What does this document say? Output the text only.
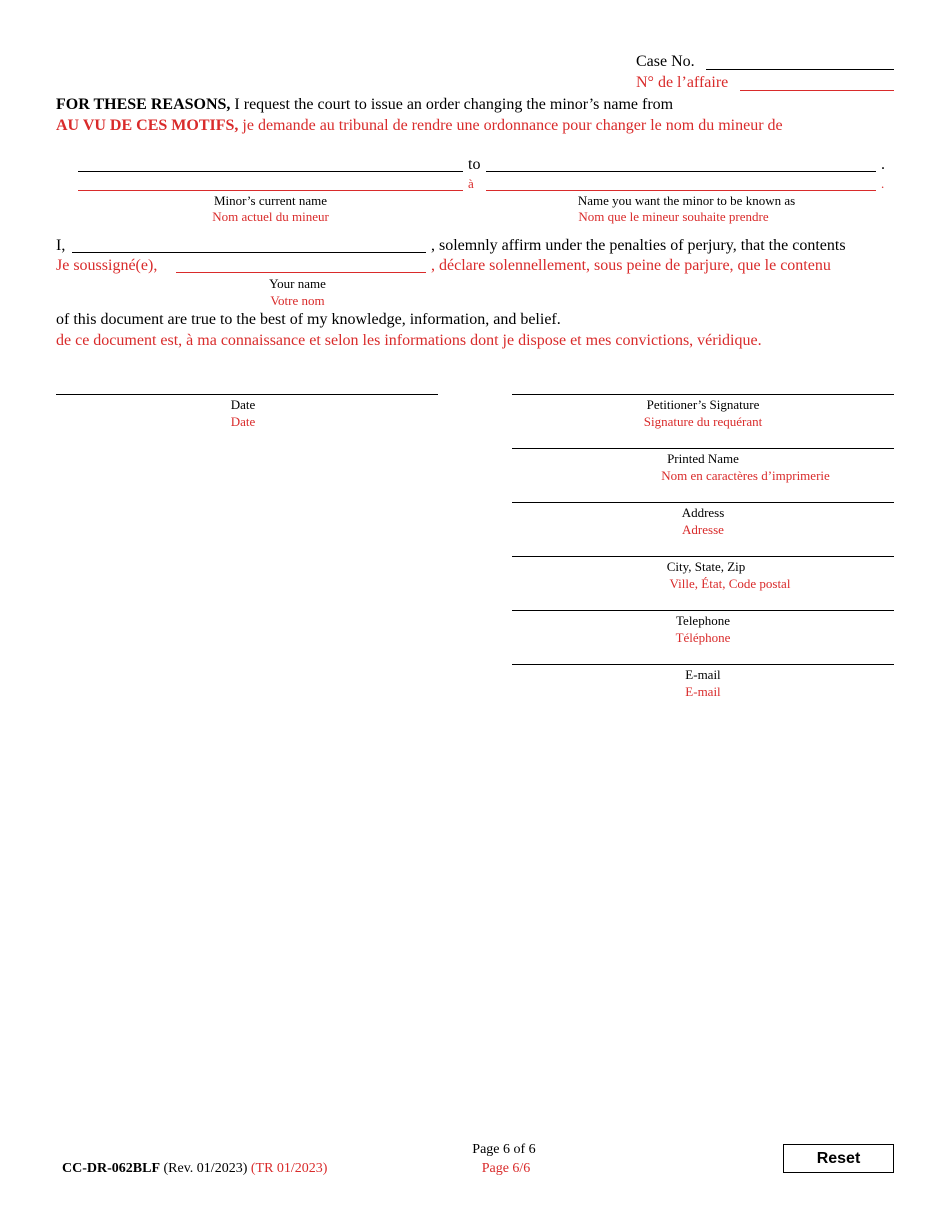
Case No.
N° de l’affaire
FOR THESE REASONS, I request the court to issue an order changing the minor’s name from
AU VU DE CES MOTIFS, je demande au tribunal de rendre une ordonnance pour changer le nom du mineur de
to
à
.
.
Minor’s current name
Nom actuel du mineur
Name you want the minor to be known as
Nom que le mineur souhaite prendre
I,	, solemnly affirm under the penalties of perjury, that the contents
Je soussigné(e),	, déclare solennellement, sous peine de parjure, que le contenu
Your name
Votre nom
of this document are true to the best of my knowledge, information, and belief.
de ce document est, à ma connaissance et selon les informations dont je dispose et mes convictions, véridique.
Date
Date
Petitioner’s Signature
Signature du requérant
Printed Name
Nom en caractères d’imprimerie
Address
Adresse
City, State, Zip
Ville, État, Code postal
Telephone
Téléphone
E-mail
E-mail
CC-DR-062BLF (Rev. 01/2023) (TR 01/2023)
Page 6 of 6
Page 6/6
Reset
